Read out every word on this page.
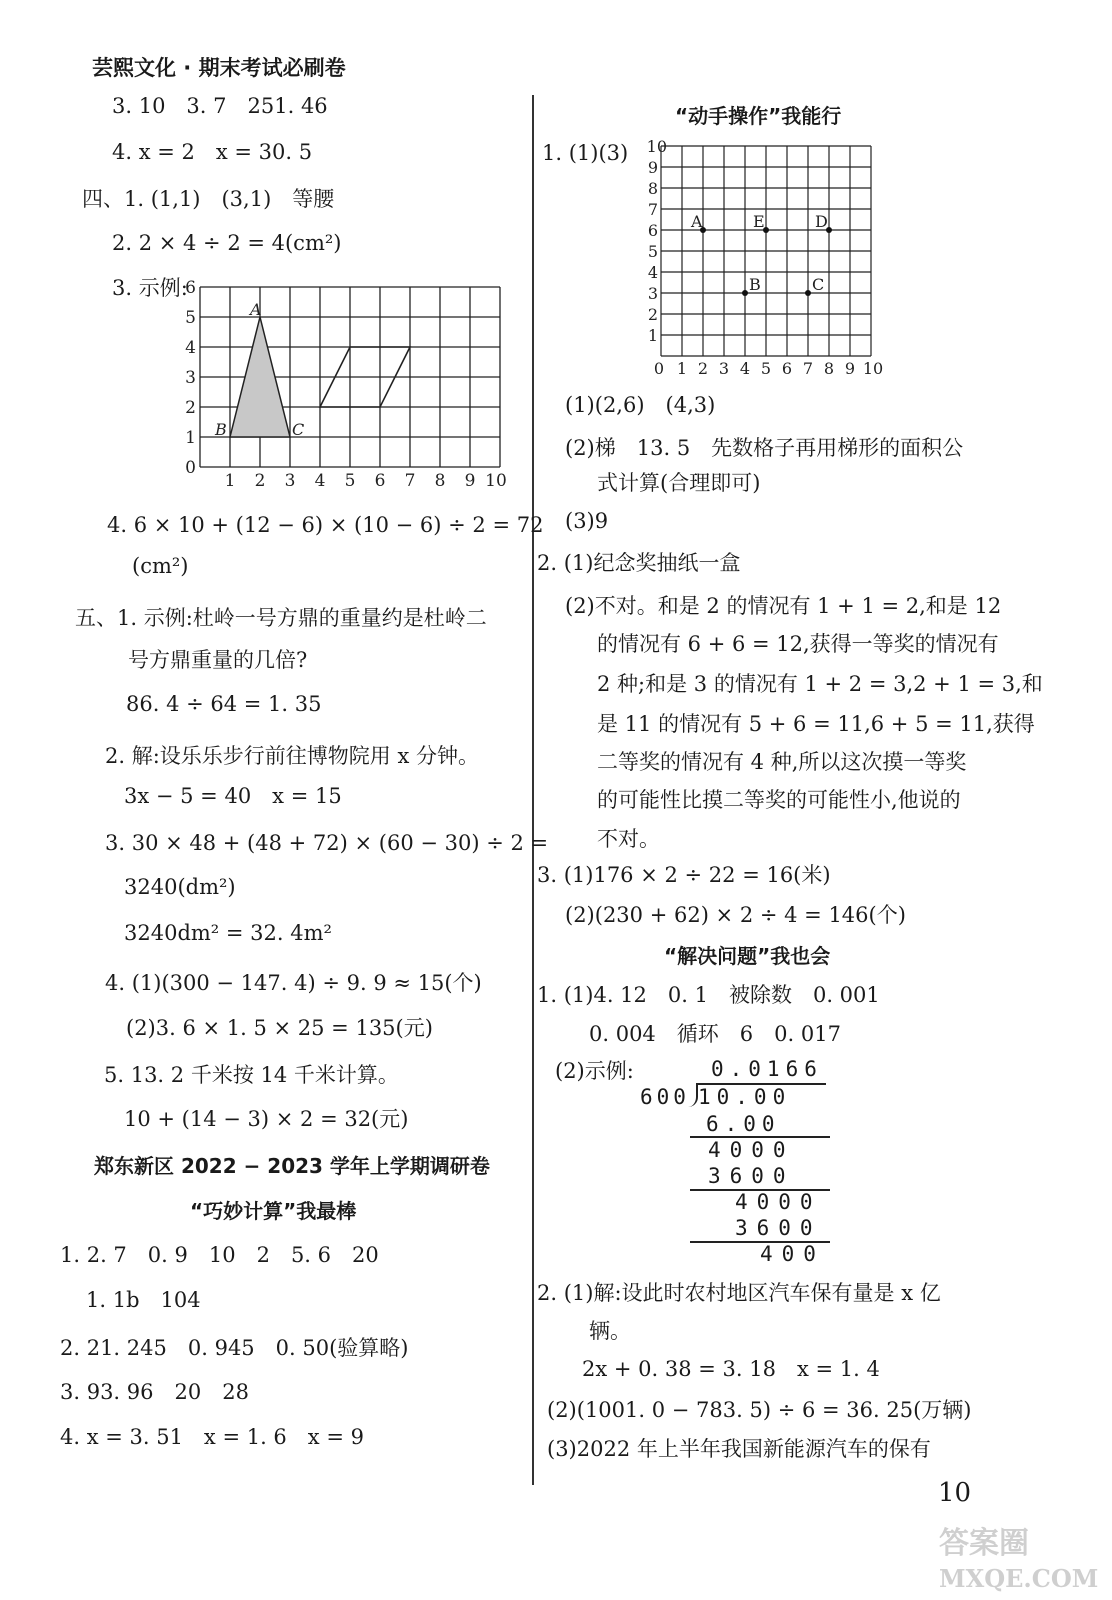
芸熙文化 · 期末考试必刷卷
3. 10　3. 7　251. 46
4. x = 2　x = 30. 5
四、1. (1,1)　(3,1)　等腰
2. 2 × 4 ÷ 2 = 4(cm²)
3. 示例:
1 2 3 4 5 6 7 8 9 10
0
1
2
3
4
5
6
A
B	C
4. 6 × 10 + (12 − 6) × (10 − 6) ÷ 2 = 72
(cm²)
五、1. 示例:杜岭一号方鼎的重量约是杜岭二
号方鼎重量的几倍?
86. 4 ÷ 64 = 1. 35
2. 解:设乐乐步行前往博物院用 x 分钟。
3x − 5 = 40　x = 15
3. 30 × 48 + (48 + 72) × (60 − 30) ÷ 2 =
3240(dm²)
3240dm² = 32. 4m²
4. (1)(300 − 147. 4) ÷ 9. 9 ≈ 15(个)
(2)3. 6 × 1. 5 × 25 = 135(元)
5. 13. 2 千米按 14 千米计算。
10 + (14 − 3) × 2 = 32(元)
郑东新区 2022 − 2023 学年上学期调研卷
“巧妙计算”我最棒
1. 2. 7　0. 9　10　2　5. 6　20
1. 1b　104
2. 21. 245　0. 945　0. 50(验算略)
3. 93. 96　20　28
4. x = 3. 51　x = 1. 6　x = 9
“动手操作”我能行
1. (1)(3)
A	E	D
B	C
0 1 2 3 4 5 6 7 8 9 10
1
2
3
4
5
6
7
8
9
10
(1)(2,6)　(4,3)
(2)梯　13. 5　先数格子再用梯形的面积公
式计算(合理即可)
(3)9
2. (1)纪念奖抽纸一盒
(2)不对。和是 2 的情况有 1 + 1 = 2,和是 12
的情况有 6 + 6 = 12,获得一等奖的情况有
2 种;和是 3 的情况有 1 + 2 = 3,2 + 1 = 3,和
是 11 的情况有 5 + 6 = 11,6 + 5 = 11,获得
二等奖的情况有 4 种,所以这次摸一等奖
的可能性比摸二等奖的可能性小,他说的
不对。
3. (1)176 × 2 ÷ 22 = 16(米)
(2)(230 + 62) × 2 ÷ 4 = 146(个)
“解决问题”我也会
1. (1)4. 12　0. 1　被除数　0. 001
0. 004　循环　6　0. 017
(2)示例:	0.0166
600 10.00
6.00
4000
3600
4000
3600
400
2. (1)解:设此时农村地区汽车保有量是 x 亿
辆。
2x + 0. 38 = 3. 18　x = 1. 4
(2)(1001. 0 − 783. 5) ÷ 6 = 36. 25(万辆)
(3)2022 年上半年我国新能源汽车的保有
10
答案圈
MXQE.COM
